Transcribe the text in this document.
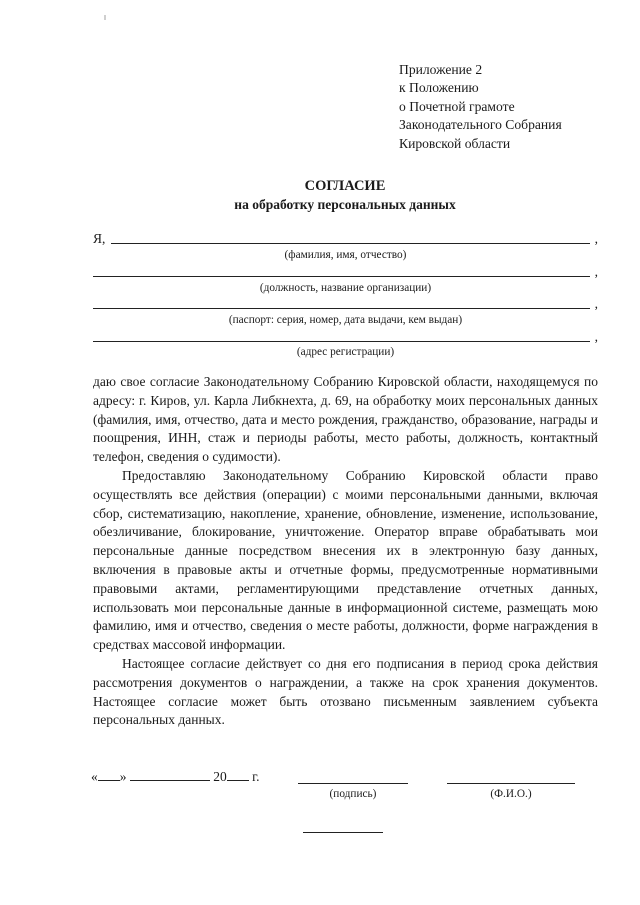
Приложение 2
к Положению
о Почетной грамоте
Законодательного Собрания
Кировской области
СОГЛАСИЕ
на обработку персональных данных
Я,	,
(фамилия, имя, отчество)
,
(должность, название организации)
,
(паспорт: серия, номер, дата выдачи, кем выдан)
,
(адрес регистрации)

даю свое согласие Законодательному Собранию Кировской области, находящемуся по адресу: г. Киров, ул. Карла Либкнехта, д. 69, на обработку моих персональных данных (фамилия, имя, отчество, дата и место рождения, гражданство, образование, награды и поощрения, ИНН, стаж и периоды работы, место работы, должность, контактный телефон, сведения о судимости).

Предоставляю Законодательному Собранию Кировской области право осуществлять все действия (операции) с моими персональными данными, включая сбор, систематизацию, накопление, хранение, обновление, изменение, использование, обезличивание, блокирование, уничтожение. Оператор вправе обрабатывать мои персональные данные посредством внесения их в электронную базу данных, включения в правовые акты и отчетные формы, предусмотренные нормативными правовыми актами, регламентирующими представление отчетных данных, использовать мои персональные данные в информационной системе, размещать мою фамилию, имя и отчество, сведения о месте работы, должности, форме награждения в средствах массовой информации.

Настоящее согласие действует со дня его подписания в период срока действия рассмотрения документов о награждении, а также на срок хранения документов. Настоящее согласие может быть отозвано письменным заявлением субъекта персональных данных.

« »	20 г.
(подпись)	(Ф.И.О.)
